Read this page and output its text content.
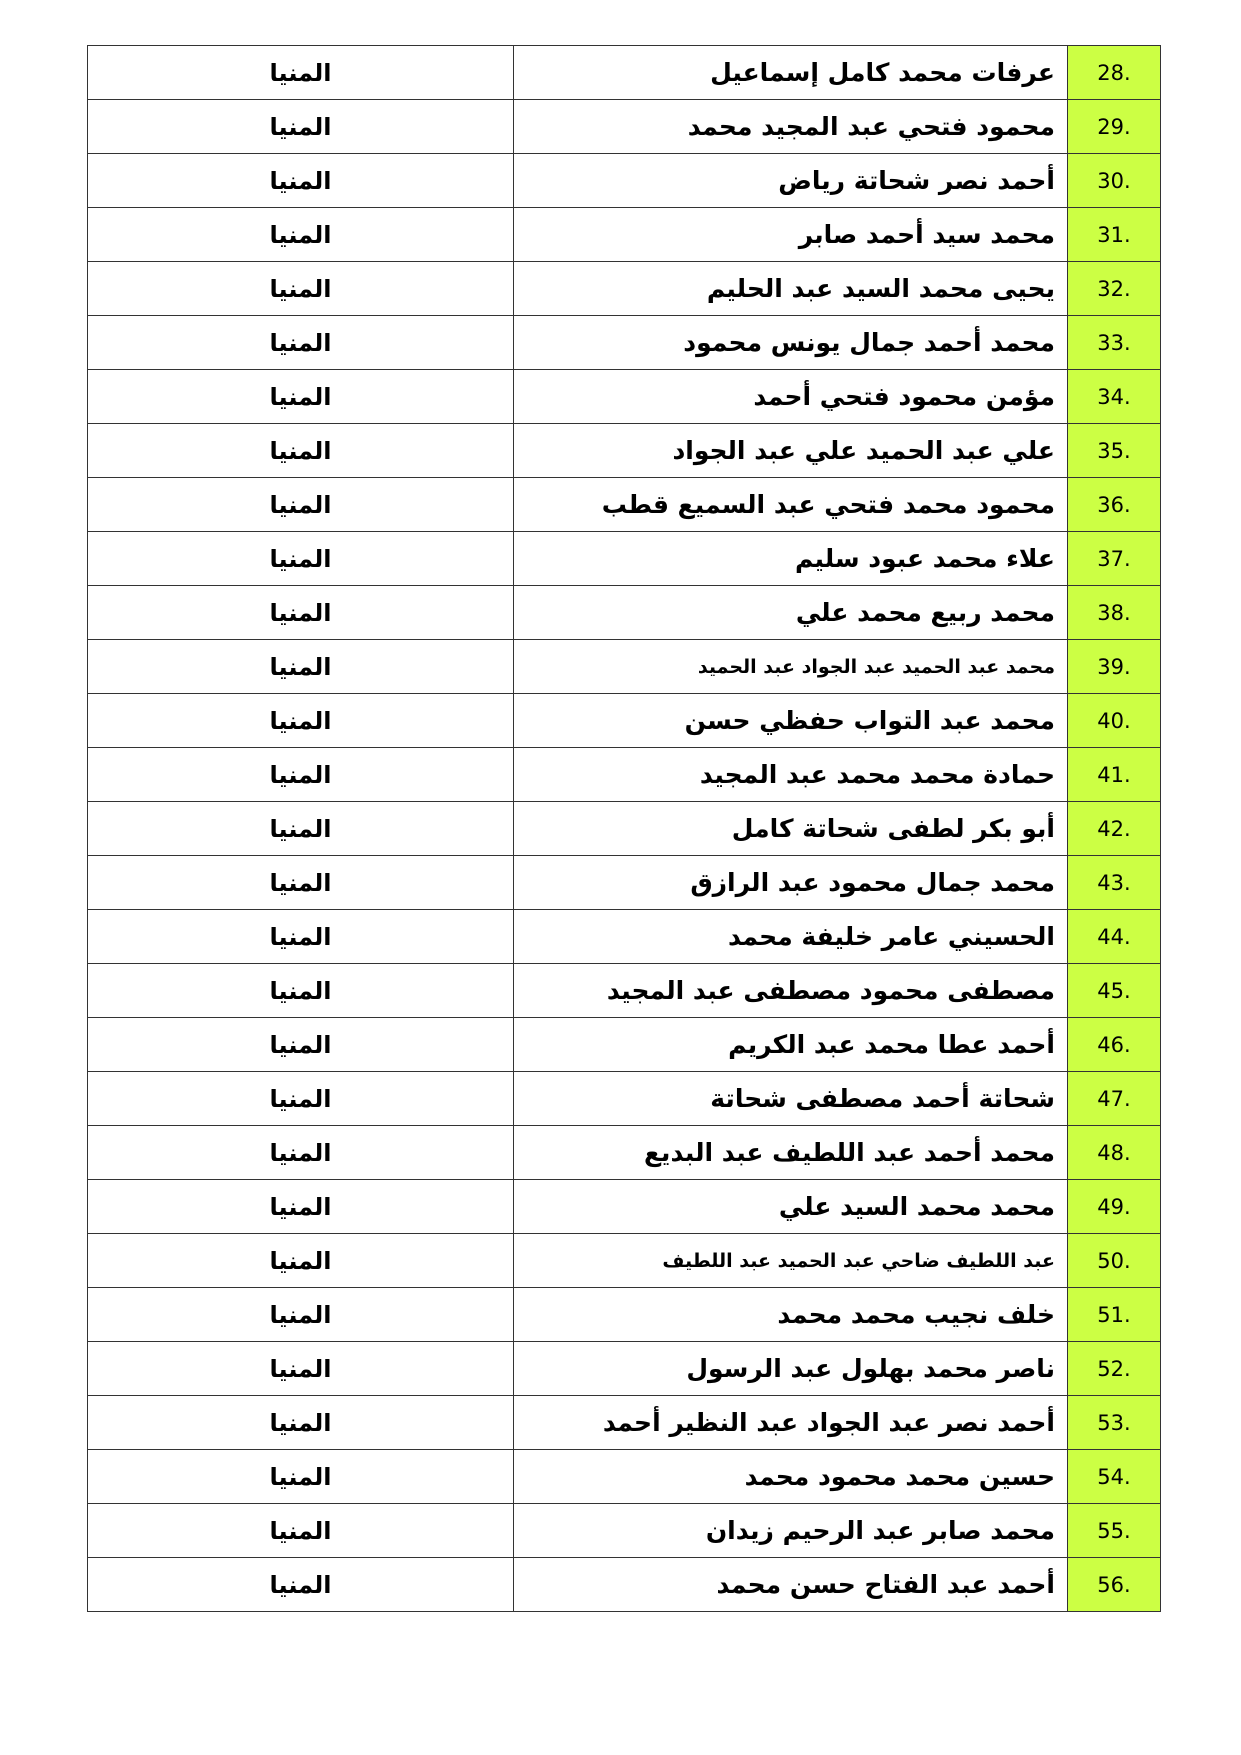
28.	عرفات محمد كامل إسماعيل	المنيا
29.	محمود فتحي عبد المجيد محمد	المنيا
30.	أحمد نصر شحاتة رياض	المنيا
31.	محمد سيد أحمد صابر	المنيا
32.	يحيى محمد السيد عبد الحليم	المنيا
33.	محمد أحمد جمال يونس محمود	المنيا
34.	مؤمن محمود فتحي أحمد	المنيا
35.	علي عبد الحميد علي عبد الجواد	المنيا
36.	محمود محمد فتحي عبد السميع قطب	المنيا
37.	علاء محمد عبود سليم	المنيا
38.	محمد ربيع محمد علي	المنيا
39.	محمد عبد الحميد عبد الجواد عبد الحميد	المنيا
40.	محمد عبد التواب حفظي حسن	المنيا
41.	حمادة محمد محمد عبد المجيد	المنيا
42.	أبو بكر لطفى شحاتة كامل	المنيا
43.	محمد جمال محمود عبد الرازق	المنيا
44.	الحسيني عامر خليفة محمد	المنيا
45.	مصطفى محمود مصطفى عبد المجيد	المنيا
46.	أحمد عطا محمد عبد الكريم	المنيا
47.	شحاتة أحمد مصطفى شحاتة	المنيا
48.	محمد أحمد عبد اللطيف عبد البديع	المنيا
49.	محمد محمد السيد علي	المنيا
50.	عبد اللطيف ضاحي عبد الحميد عبد اللطيف	المنيا
51.	خلف نجيب محمد محمد	المنيا
52.	ناصر محمد بهلول عبد الرسول	المنيا
53.	أحمد نصر عبد الجواد عبد النظير أحمد	المنيا
54.	حسين محمد محمود محمد	المنيا
55.	محمد صابر عبد الرحيم زيدان	المنيا
56.	أحمد عبد الفتاح حسن محمد	المنيا
